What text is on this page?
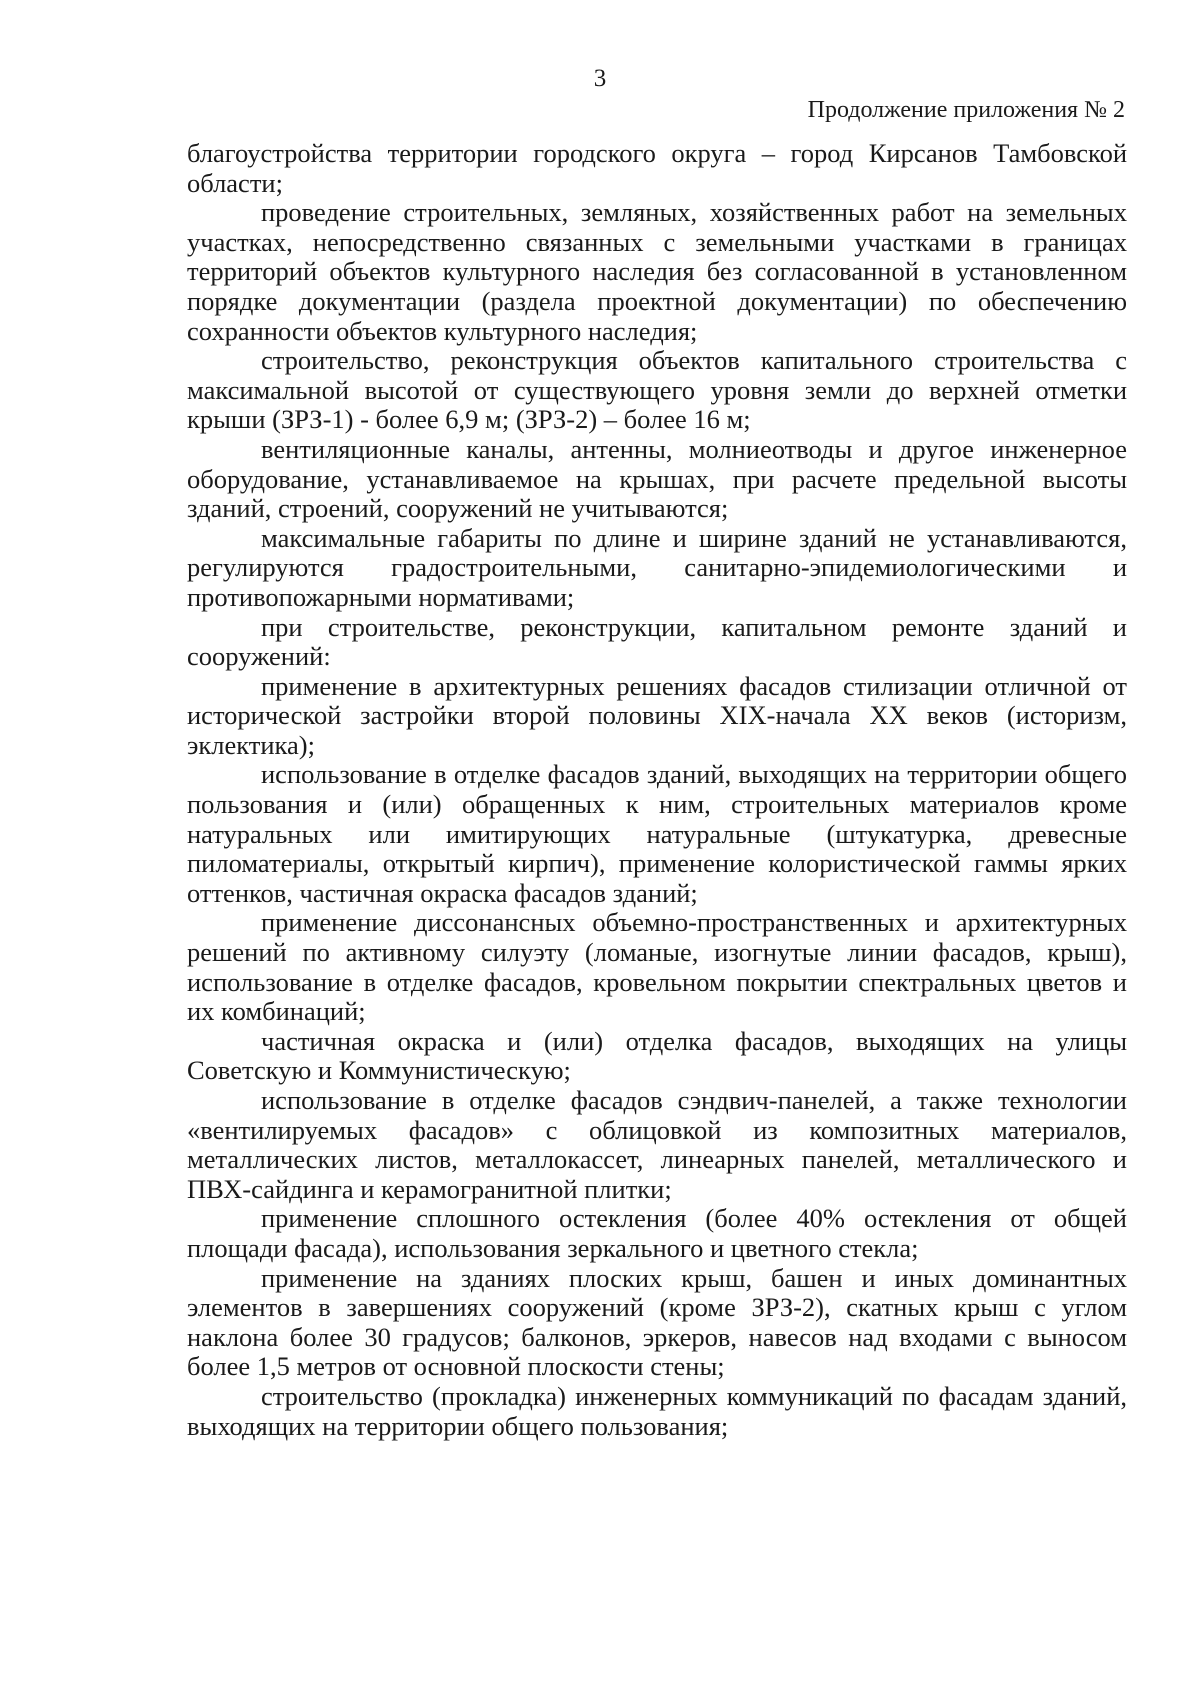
3
Продолжение приложения № 2

благоустройства территории городского округа – город Кирсанов Тамбовской области;

проведение строительных, земляных, хозяйственных работ на земельных участках, непосредственно связанных с земельными участками в границах территорий объектов культурного наследия без согласованной в установленном порядке документации (раздела проектной документации) по обеспечению сохранности объектов культурного наследия;

строительство, реконструкция объектов капитального строительства с максимальной высотой от существующего уровня земли до верхней отметки крыши (ЗРЗ-1) - более 6,9 м; (ЗРЗ-2) – более 16 м;

вентиляционные каналы, антенны, молниеотводы и другое инженерное оборудование, устанавливаемое на крышах, при расчете предельной высоты зданий, строений, сооружений не учитываются;

максимальные габариты по длине и ширине зданий не устанавливаются, регулируются градостроительными, санитарно-эпидемиологическими и противопожарными нормативами;

при строительстве, реконструкции, капитальном ремонте зданий и сооружений:

применение в архитектурных решениях фасадов стилизации отличной от исторической застройки второй половины XIX-начала XX веков (историзм, эклектика);

использование в отделке фасадов зданий, выходящих на территории общего пользования и (или) обращенных к ним, строительных материалов кроме натуральных или имитирующих натуральные (штукатурка, древесные пиломатериалы, открытый кирпич), применение колористической гаммы ярких оттенков, частичная окраска фасадов зданий;

применение диссонансных объемно-пространственных и архитектурных решений по активному силуэту (ломаные, изогнутые линии фасадов, крыш), использование в отделке фасадов, кровельном покрытии спектральных цветов и их комбинаций;

частичная окраска и (или) отделка фасадов, выходящих на улицы Советскую и Коммунистическую;

использование в отделке фасадов сэндвич-панелей, а также технологии «вентилируемых фасадов» с облицовкой из композитных материалов, металлических листов, металлокассет, линеарных панелей, металлического и ПВХ-сайдинга и керамогранитной плитки;

применение сплошного остекления (более 40% остекления от общей площади фасада), использования зеркального и цветного стекла;

применение на зданиях плоских крыш, башен и иных доминантных элементов в завершениях сооружений (кроме ЗРЗ-2), скатных крыш с углом наклона более 30 градусов; балконов, эркеров, навесов над входами с выносом более 1,5 метров от основной плоскости стены;

строительство (прокладка) инженерных коммуникаций по фасадам зданий, выходящих на территории общего пользования;
